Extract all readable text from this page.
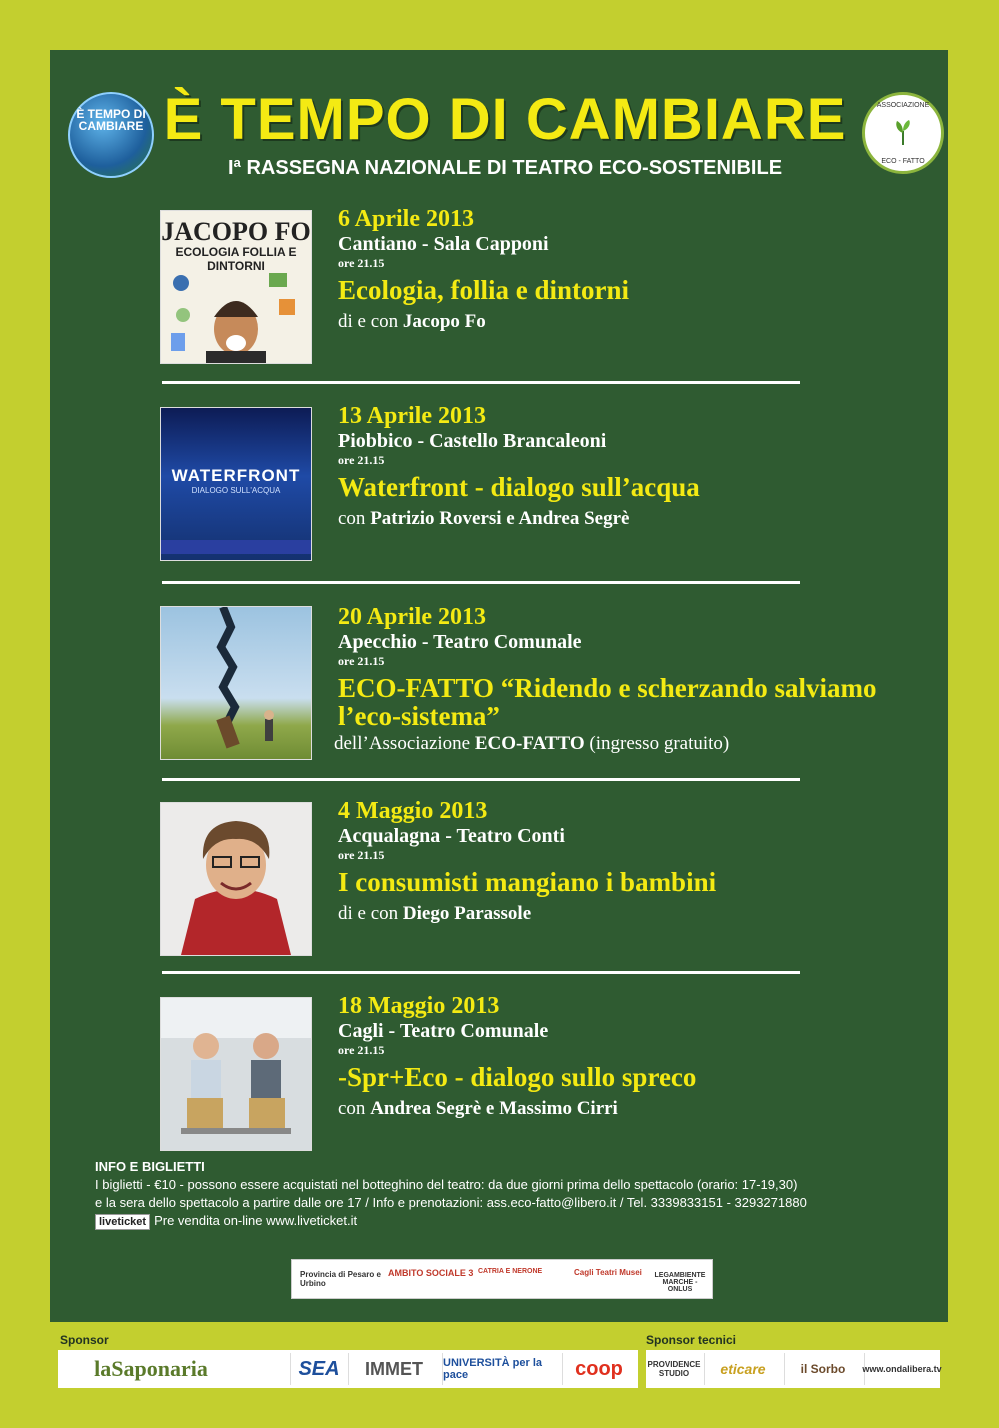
È TEMPO DI CAMBIARE È TEMPO DI CAMBIARE
Iª RASSEGNA NAZIONALE DI TEATRO ECO-SOSTENIBILE
ASSOCIAZIONE
ECO - FATTO
JACOPO FO
ECOLOGIA FOLLIA E DINTORNI
6 Aprile 2013
Cantiano - Sala Capponi
ore 21.15
Ecologia, follia e dintorni
di e con Jacopo Fo
WATERFRONT
DIALOGO SULL'ACQUA
13 Aprile 2013
Piobbico - Castello Brancaleoni
ore 21.15
Waterfront - dialogo sull’acqua
con Patrizio Roversi e Andrea Segrè
20 Aprile 2013
Apecchio - Teatro Comunale
ore 21.15
ECO-FATTO “Ridendo e scherzando salviamo l’eco-sistema”
dell’Associazione ECO-FATTO (ingresso gratuito)
4 Maggio 2013
Acqualagna - Teatro Conti
ore 21.15
I consumisti mangiano i bambini
di e con Diego Parassole
18 Maggio 2013
Cagli - Teatro Comunale
ore 21.15
-Spr+Eco - dialogo sullo spreco
con Andrea Segrè e Massimo Cirri
INFO E BIGLIETTI
I biglietti - €10 - possono essere acquistati nel botteghino del teatro: da due giorni prima dello spettacolo (orario: 17-19,30)
e la sera dello spettacolo a partire dalle ore 17 / Info e prenotazioni: ass.eco-fatto@libero.it / Tel. 3339833151 - 3293271880
liveticket Pre vendita on-line www.liveticket.it
Provincia di Pesaro e Urbino
AMBITO SOCIALE 3 CATRIA E NERONE	Cagli Teatri Musei	LEGAMBIENTE MARCHE - ONLUS
Sponsor	Sponsor tecnici
laSaponaria	SEA	IMMET	UNIVERSITÀ per la pace	coop	PROVIDENCE STUDIO	eticare	il Sorbo	www.ondalibera.tv
